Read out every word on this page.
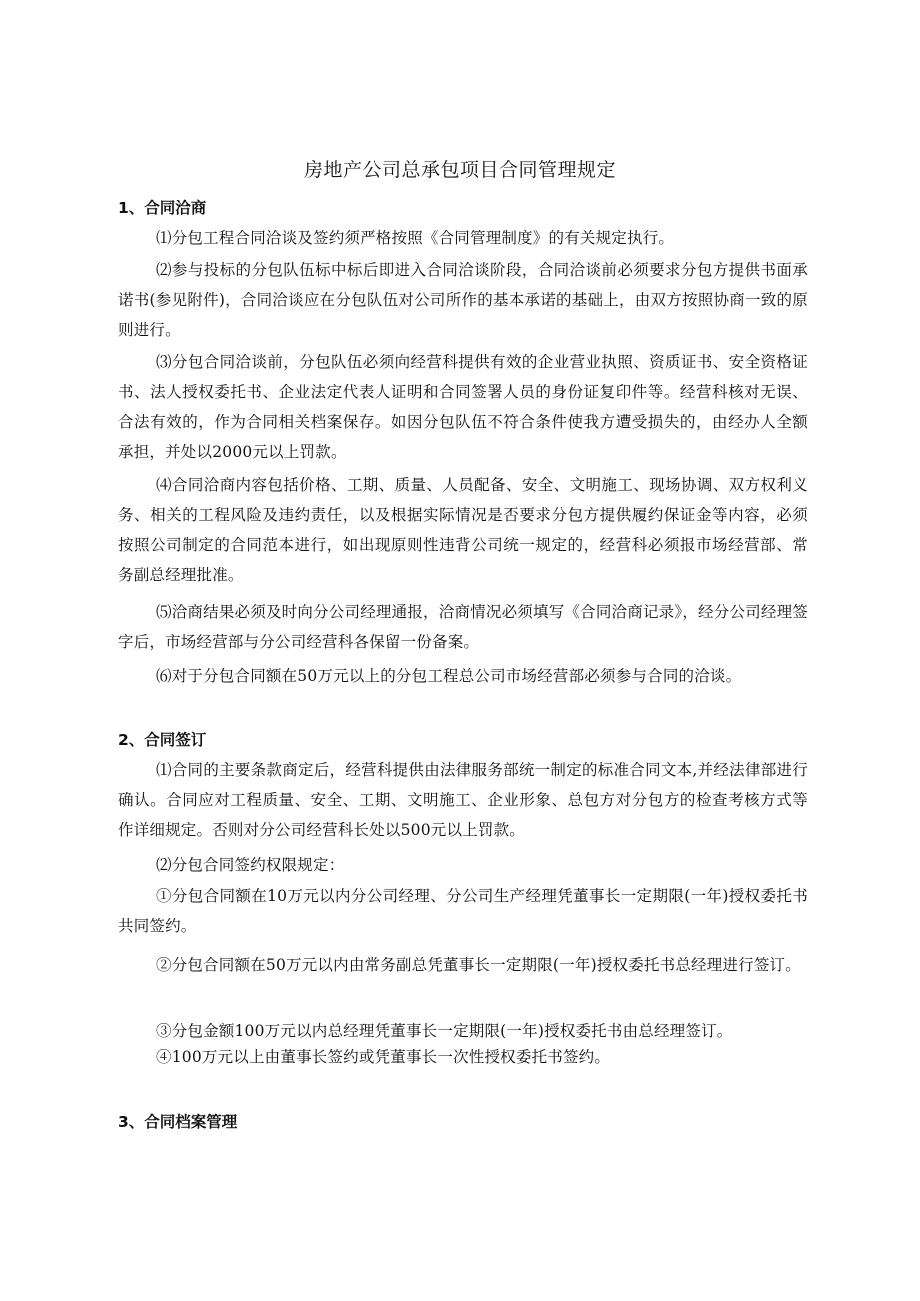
房地产公司总承包项目合同管理规定
1、合同洽商

⑴分包工程合同洽谈及签约须严格按照《合同管理制度》的有关规定执行。

⑵参与投标的分包队伍标中标后即进入合同洽谈阶段，合同洽谈前必须要求分包方提供书面承诺书(参见附件)，合同洽谈应在分包队伍对公司所作的基本承诺的基础上，由双方按照协商一致的原则进行。

⑶分包合同洽谈前，分包队伍必须向经营科提供有效的企业营业执照、资质证书、安全资格证书、法人授权委托书、企业法定代表人证明和合同签署人员的身份证复印件等。经营科核对无误、合法有效的，作为合同相关档案保存。如因分包队伍不符合条件使我方遭受损失的，由经办人全额承担，并处以2000元以上罚款。

⑷合同洽商内容包括价格、工期、质量、人员配备、安全、文明施工、现场协调、双方权利义务、相关的工程风险及违约责任，以及根据实际情况是否要求分包方提供履约保证金等内容，必须按照公司制定的合同范本进行，如出现原则性违背公司统一规定的，经营科必须报市场经营部、常务副总经理批准。

⑸洽商结果必须及时向分公司经理通报，洽商情况必须填写《合同洽商记录》，经分公司经理签字后，市场经营部与分公司经营科各保留一份备案。

⑹对于分包合同额在50万元以上的分包工程总公司市场经营部必须参与合同的洽谈。

2、合同签订

⑴合同的主要条款商定后，经营科提供由法律服务部统一制定的标准合同文本,并经法律部进行确认。合同应对工程质量、安全、工期、文明施工、企业形象、总包方对分包方的检查考核方式等作详细规定。否则对分公司经营科长处以500元以上罚款。

⑵分包合同签约权限规定：

①分包合同额在10万元以内分公司经理、分公司生产经理凭董事长一定期限(一年)授权委托书共同签约。

②分包合同额在50万元以内由常务副总凭董事长一定期限(一年)授权委托书总经理进行签订。

③分包金额100万元以内总经理凭董事长一定期限(一年)授权委托书由总经理签订。

④100万元以上由董事长签约或凭董事长一次性授权委托书签约。

3、合同档案管理
